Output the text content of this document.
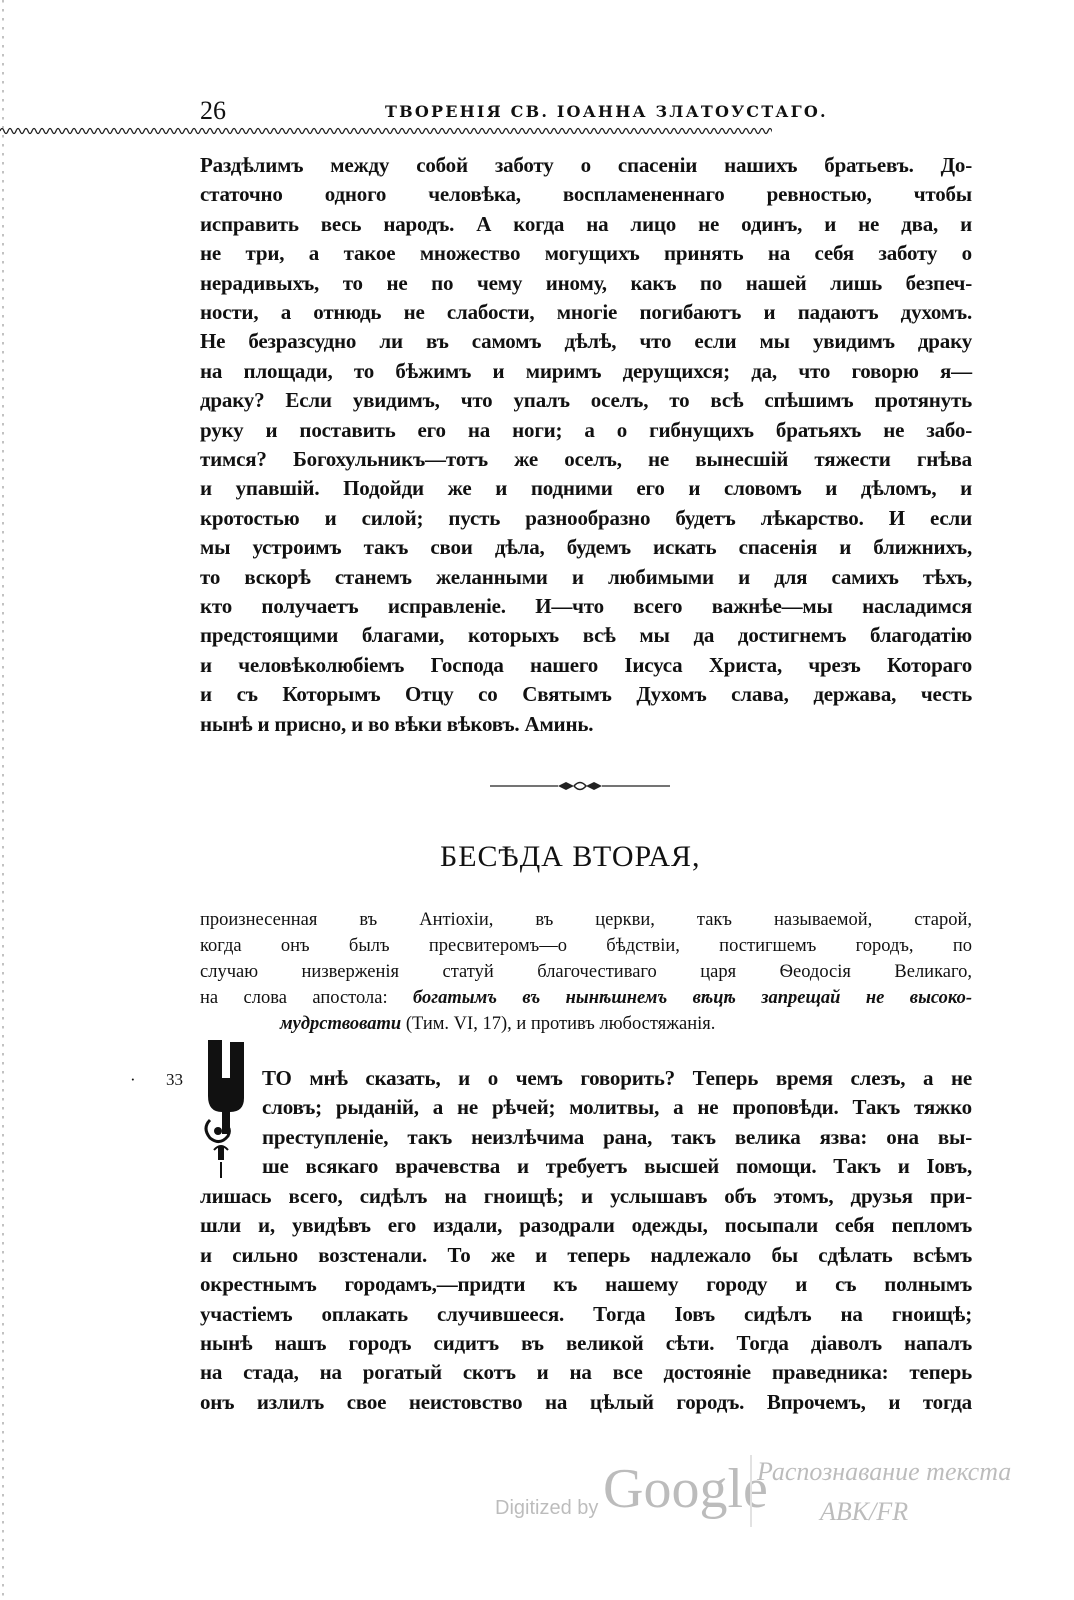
26	ТВОРЕНІЯ СВ. ІОАННА ЗЛАТОУСТАГО.
Раздѣлимъ между собой заботу о спасеніи нашихъ братьевъ. До-
статочно одного человѣка, воспламененнаго ревностью, чтобы
исправить весь народъ. А когда на лицо не одинъ, и не два, и
не три, а такое множество могущихъ принять на себя заботу о
нерадивыхъ, то не по чему иному, какъ по нашей лишь безпеч-
ности, а отнюдь не слабости, многіе погибаютъ и падаютъ духомъ.
Не безразсудно ли въ самомъ дѣлѣ, что если мы увидимъ драку
на площади, то бѣжимъ и миримъ дерущихся; да, что говорю я—
драку? Если увидимъ, что упалъ оселъ, то всѣ спѣшимъ протянуть
руку и поставить его на ноги; а о гибнущихъ братьяхъ не забо-
тимся? Богохульникъ—тотъ же оселъ, не вынесшій тяжести гнѣва
и упавшій. Подойди же и подними его и словомъ и дѣломъ, и
кротостью и силой; пусть разнообразно будетъ лѣкарство. И если
мы устроимъ такъ свои дѣла, будемъ искать спасенія и ближнихъ,
то вскорѣ станемъ желанными и любимыми и для самихъ тѣхъ,
кто получаетъ исправленіе. И—что всего важнѣе—мы насладимся
предстоящими благами, которыхъ всѣ мы да достигнемъ благодатію
и человѣколюбіемъ Господа нашего Іисуса Христа, чрезъ Котораго
и съ Которымъ Отцу со Святымъ Духомъ слава, держава, честь
нынѣ и присно, и во вѣки вѣковъ. Аминь.
БЕСѢДА ВТОРАЯ,
произнесенная въ Антіохіи, въ церкви, такъ называемой, старой,
когда онъ былъ пресвитеромъ—о бѣдствіи, постигшемъ городъ, по
случаю низверженія статуй благочестиваго царя Ѳеодосія Великаго,
на слова апостола: богатымъ въ нынѣшнемъ вѣцѣ запрещай не высоко-
мудрствовати (Тим. VI, 17), и противъ любостяжанія.
· 33	ТО мнѣ сказать, и о чемъ говорить? Теперь время слезъ, а не
словъ; рыданій, а не рѣчей; молитвы, а не проповѣди. Такъ тяжко
преступленіе, такъ неизлѣчима рана, такъ велика язва: она вы-
ше всякаго врачевства и требуетъ высшей помощи. Такъ и Іовъ,
лишась всего, сидѣлъ на гноищѣ; и услышавъ объ этомъ, друзья при-
шли и, увидѣвъ его издали, разодрали одежды, посыпали себя пепломъ
и сильно возстенали. То же и теперь надлежало бы сдѣлать всѣмъ
окрестнымъ городамъ,—придти къ нашему городу и съ полнымъ
участіемъ оплакать случившееся. Тогда Іовъ сидѣлъ на гноищѣ;
нынѣ нашъ городъ сидитъ въ великой сѣти. Тогда діаволъ напалъ
на стада, на рогатый скотъ и на все достояніе праведника: теперь
онъ излилъ свое неистовство на цѣлый городъ. Впрочемъ, и тогда
Digitized by Google
Распознавание текста
ABK/FR
